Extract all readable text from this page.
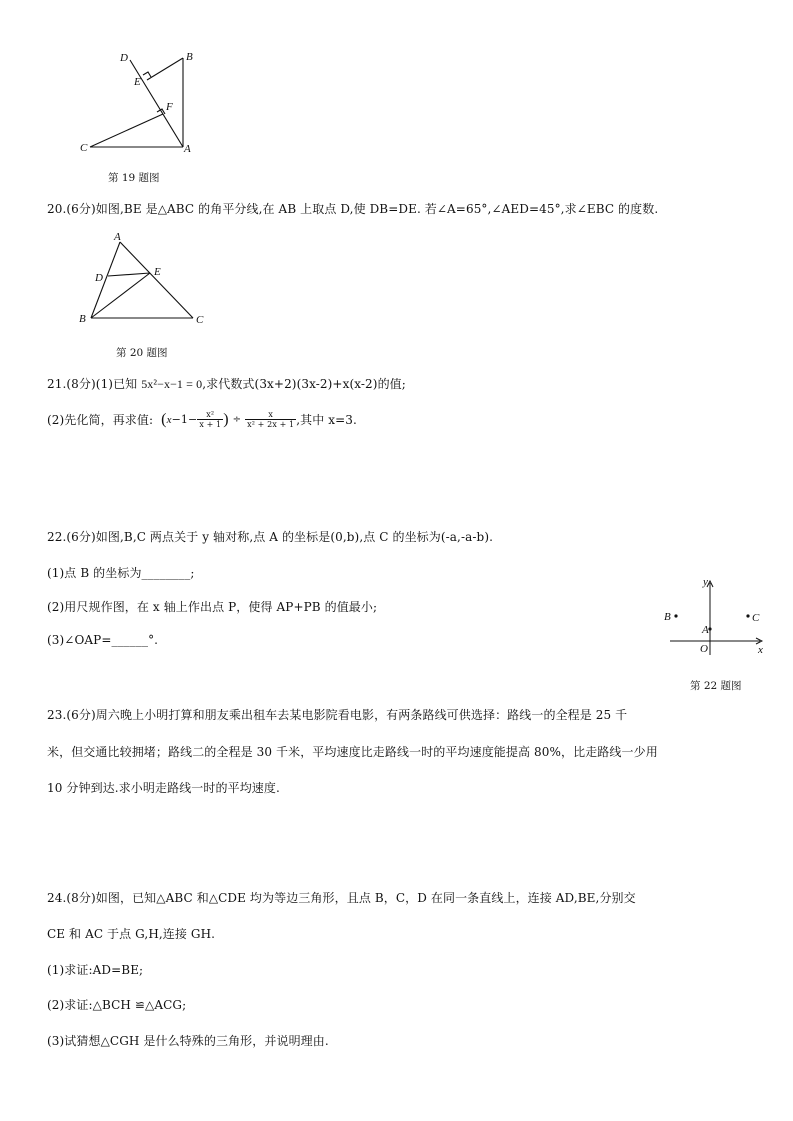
D	B
E
F
C	A
第 19 题图
20.(6分)如图,BE 是△ABC 的角平分线,在 AB 上取点 D,使 DB=DE. 若∠A=65°,∠AED=45°,求∠EBC 的度数.
A
D	E
B	C
第 20 题图
21.(8分)(1)已知 5x²−x−1 = 0,求代数式(3x+2)(3x-2)+x(x-2)的值;
(2)先化简，再求值: ( $x -1- \frac{\text{x²}}{x + 1}$ ) ÷ $\frac{x}{\text{x² + 2x + 1}}$ ,其中 x=3.
22.(6分)如图,B,C 两点关于 y 轴对称,点 A 的坐标是(0,b),点 C 的坐标为(-a,-a-b).
(1)点 B 的坐标为________;
(2)用尺规作图，在 x 轴上作出点 P，使得 AP+PB 的值最小;
(3)∠OAP=______°.
y
x
O
A
B	C
第 22 题图
23.(6分)周六晚上小明打算和朋友乘出租车去某电影院看电影，有两条路线可供选择：路线一的全程是 25 千
米，但交通比较拥堵；路线二的全程是 30 千米，平均速度比走路线一时的平均速度能提高 80%，比走路线一少用
10 分钟到达.求小明走路线一时的平均速度.
24.(8分)如图，已知△ABC 和△CDE 均为等边三角形，且点 B，C，D 在同一条直线上，连接 AD,BE,分别交
CE 和 AC 于点 G,H,连接 GH.
(1)求证:AD=BE;
(2)求证:△BCH ≌△ACG;
(3)试猜想△CGH 是什么特殊的三角形，并说明理由.
